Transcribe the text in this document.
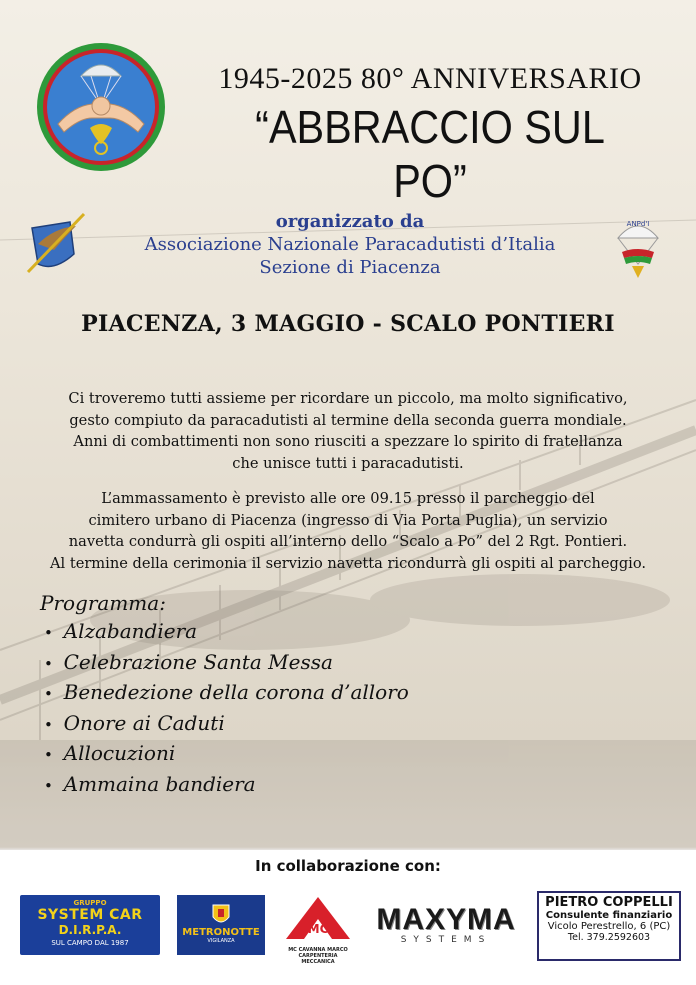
ANPd'I
1945-2025 80° ANNIVERSARIO
“ABBRACCIO SUL PO”
organizzato da
Associazione Nazionale Paracadutisti d’Italia
Sezione di Piacenza
PIACENZA, 3 MAGGIO - SCALO PONTIERI
Ci troveremo tutti assieme per ricordare un piccolo, ma molto significativo,
gesto compiuto da paracadutisti al termine della seconda guerra mondiale.
Anni di combattimenti non sono riusciti a spezzare lo spirito di fratellanza
che unisce tutti i paracadutisti.
L’ammassamento è previsto alle ore 09.15 presso il parcheggio del
cimitero urbano di Piacenza (ingresso di Via Porta Puglia), un servizio
navetta condurrà gli ospiti all’interno dello “Scalo a Po” del 2 Rgt. Pontieri.
Al termine della cerimonia il servizio navetta ricondurrà gli ospiti al parcheggio.
Programma:
• Alzabandiera
• Celebrazione Santa Messa
• Benedezione della corona d’alloro
• Onore ai Caduti
• Allocuzioni
• Ammaina bandiera
In collaborazione con:
GRUPPO
SYSTEM CAR
D.I.R.P.A.
SUL CAMPO DAL 1987
METRONOTTE
VIGILANZA
MC
MC CAVANNA MARCO
CARPENTERIA MECCANICA
MAXYMA
SYSTEMS
PIETRO COPPELLI
Consulente finanziario
Vicolo Perestrello, 6 (PC)
Tel. 379.2592603
